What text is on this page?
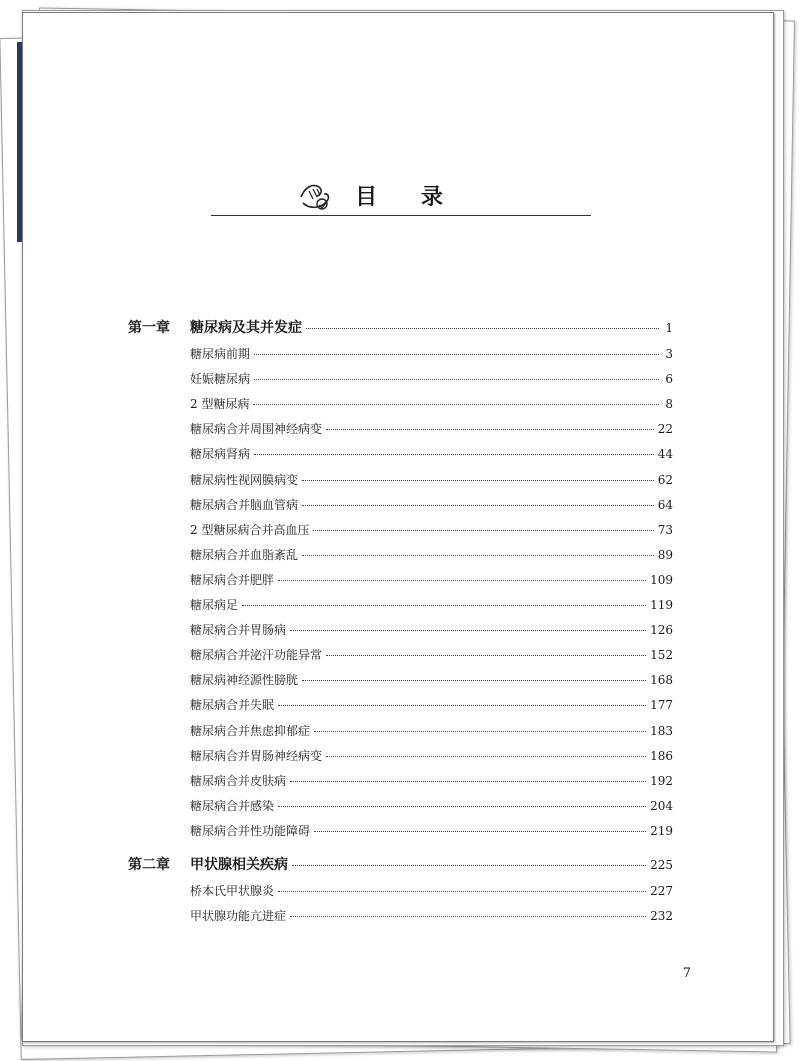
目 录
第一章	糖尿病及其并发症	1
糖尿病前期	3
妊娠糖尿病	6
2 型糖尿病	8
糖尿病合并周围神经病变	22
糖尿病肾病	44
糖尿病性视网膜病变	62
糖尿病合并脑血管病	64
2 型糖尿病合并高血压	73
糖尿病合并血脂紊乱	89
糖尿病合并肥胖	109
糖尿病足	119
糖尿病合并胃肠病	126
糖尿病合并泌汗功能异常	152
糖尿病神经源性膀胱	168
糖尿病合并失眠	177
糖尿病合并焦虑抑郁症	183
糖尿病合并胃肠神经病变	186
糖尿病合并皮肤病	192
糖尿病合并感染	204
糖尿病合并性功能障碍	219
第二章	甲状腺相关疾病	225
桥本氏甲状腺炎	227
甲状腺功能亢进症	232
7
